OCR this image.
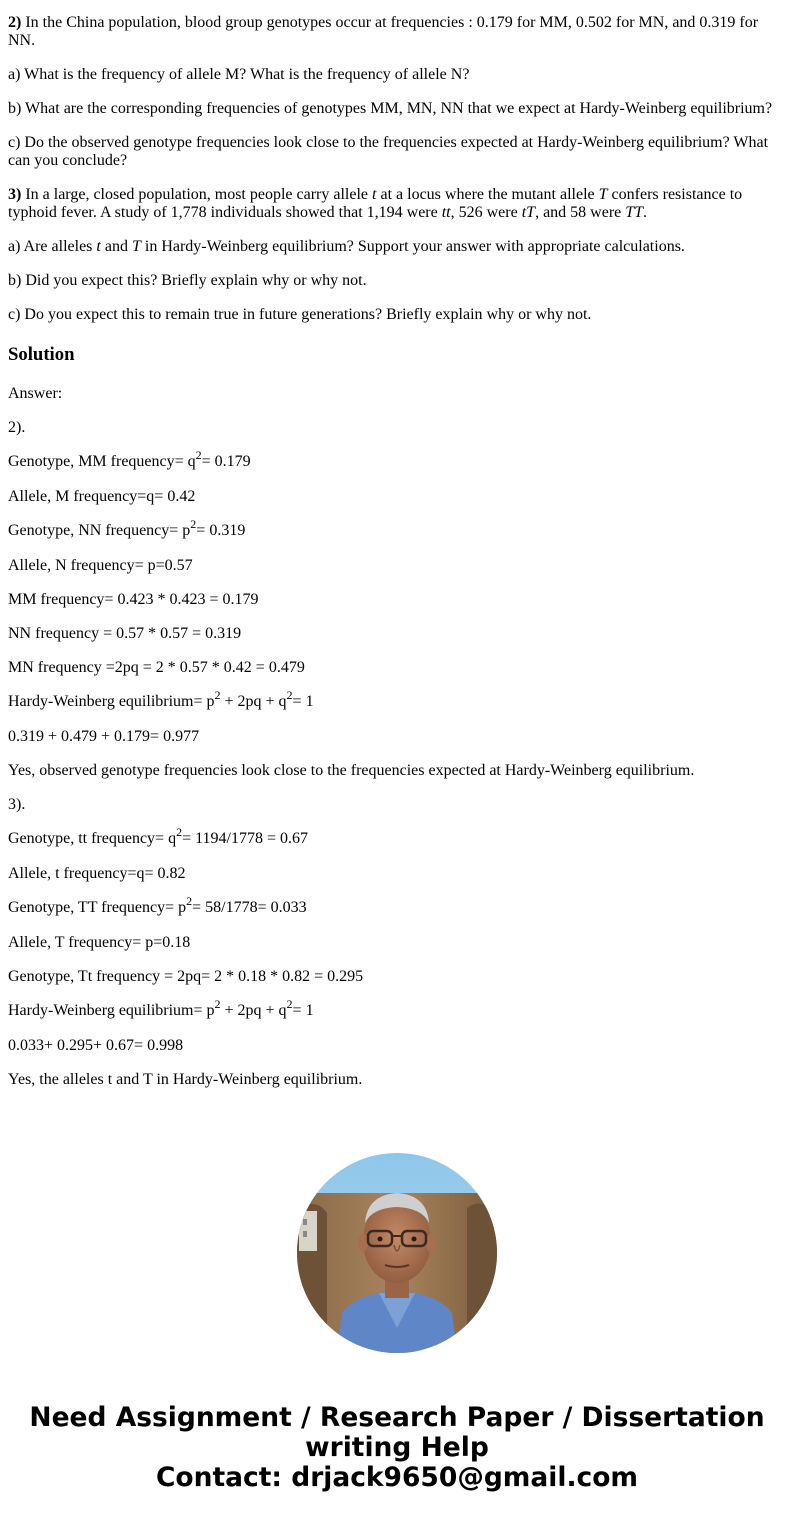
2) In the China population, blood group genotypes occur at frequencies : 0.179 for MM, 0.502 for MN, and 0.319 for NN.

a) What is the frequency of allele M? What is the frequency of allele N?

b) What are the corresponding frequencies of genotypes MM, MN, NN that we expect at Hardy-Weinberg equilibrium?

c) Do the observed genotype frequencies look close to the frequencies expected at Hardy-Weinberg equilibrium? What can you conclude?

3) In a large, closed population, most people carry allele t at a locus where the mutant allele T confers resistance to typhoid fever. A study of 1,778 individuals showed that 1,194 were tt, 526 were tT, and 58 were TT.

a) Are alleles t and T in Hardy-Weinberg equilibrium? Support your answer with appropriate calculations.

b) Did you expect this? Briefly explain why or why not.

c) Do you expect this to remain true in future generations? Briefly explain why or why not.

Solution

Answer:

2).

Genotype, MM frequency= $q^2= 0.179$

Allele, M frequency=q= 0.42

Genotype, NN frequency= $p^2= 0.319$

Allele, N frequency= p=0.57

MM frequency= 0.423 * 0.423 = 0.179

NN frequency = 0.57 * 0.57 = 0.319

MN frequency =2pq = 2 * 0.57 * 0.42 = 0.479

Hardy-Weinberg equilibrium= $p^2 + 2pq + q^2= 1$

0.319 + 0.479 + 0.179= 0.977

Yes, observed genotype frequencies look close to the frequencies expected at Hardy-Weinberg equilibrium.

3).

Genotype, tt frequency= $q^2= 1194/1778 = 0.67$

Allele, t frequency=q= 0.82

Genotype, TT frequency= $p^2= 58/1778= 0.033$

Allele, T frequency= p=0.18

Genotype, Tt frequency = 2pq= 2 * 0.18 * 0.82 = 0.295

Hardy-Weinberg equilibrium= $p^2 + 2pq + q^2= 1$

0.033+ 0.295+ 0.67= 0.998

Yes, the alleles t and T in Hardy-Weinberg equilibrium.

Need Assignment / Research Paper / Dissertation
writing Help
Contact: drjack9650@gmail.com
